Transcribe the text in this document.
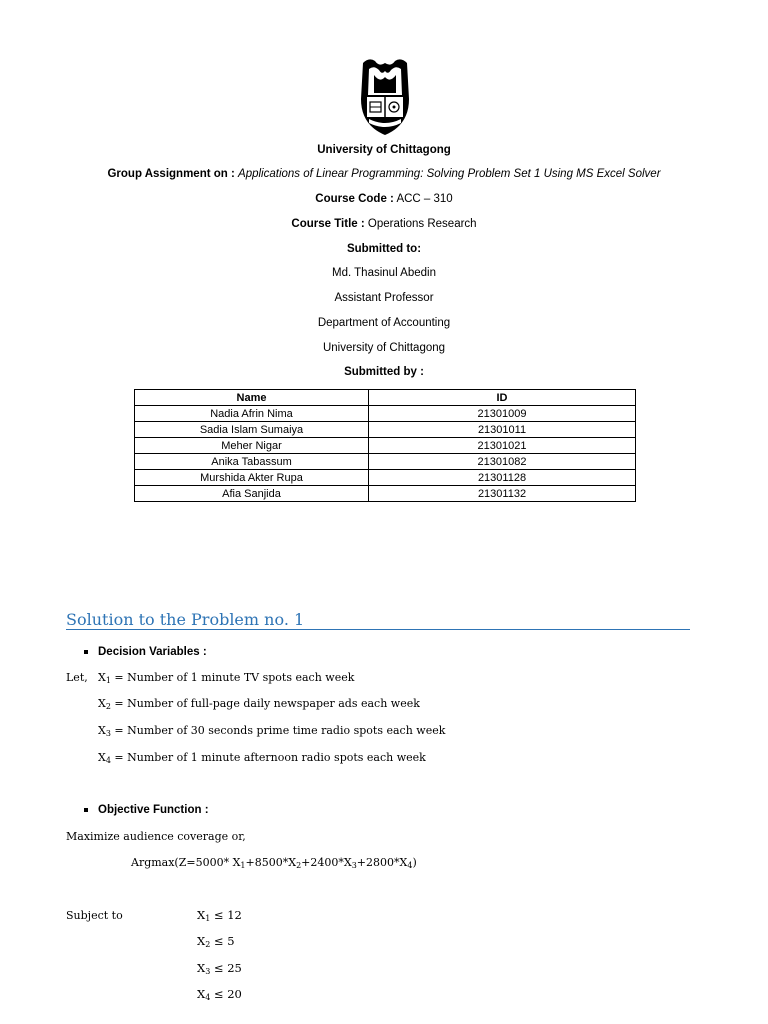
University of Chittagong
Group Assignment on : Applications of Linear Programming: Solving Problem Set 1 Using MS Excel Solver
Course Code : ACC – 310
Course Title : Operations Research
Submitted to:
Md. Thasinul Abedin
Assistant Professor
Department of Accounting
University of Chittagong
Submitted by :
Name	ID
Nadia Afrin Nima	21301009
Sadia Islam Sumaiya	21301011
Meher Nigar	21301021
Anika Tabassum	21301082
Murshida Akter Rupa	21301128
Afia Sanjida	21301132
Solution to the Problem no. 1
Decision Variables :
Let, $X_1$ = Number of 1 minute TV spots each week
$X_2$ = Number of full-page daily newspaper ads each week
$X_3$ = Number of 30 seconds prime time radio spots each week
$X_4$ = Number of 1 minute afternoon radio spots each week
Objective Function :
Maximize audience coverage or,
Argmax(Z=5000* $X_1+8500*X_2+2400*X_3+2800*X_4$)
Subject to	$X_1 \le 12$
$X_2 \le 5$
$X_3 \le 25$
$X_4 \le 20$
